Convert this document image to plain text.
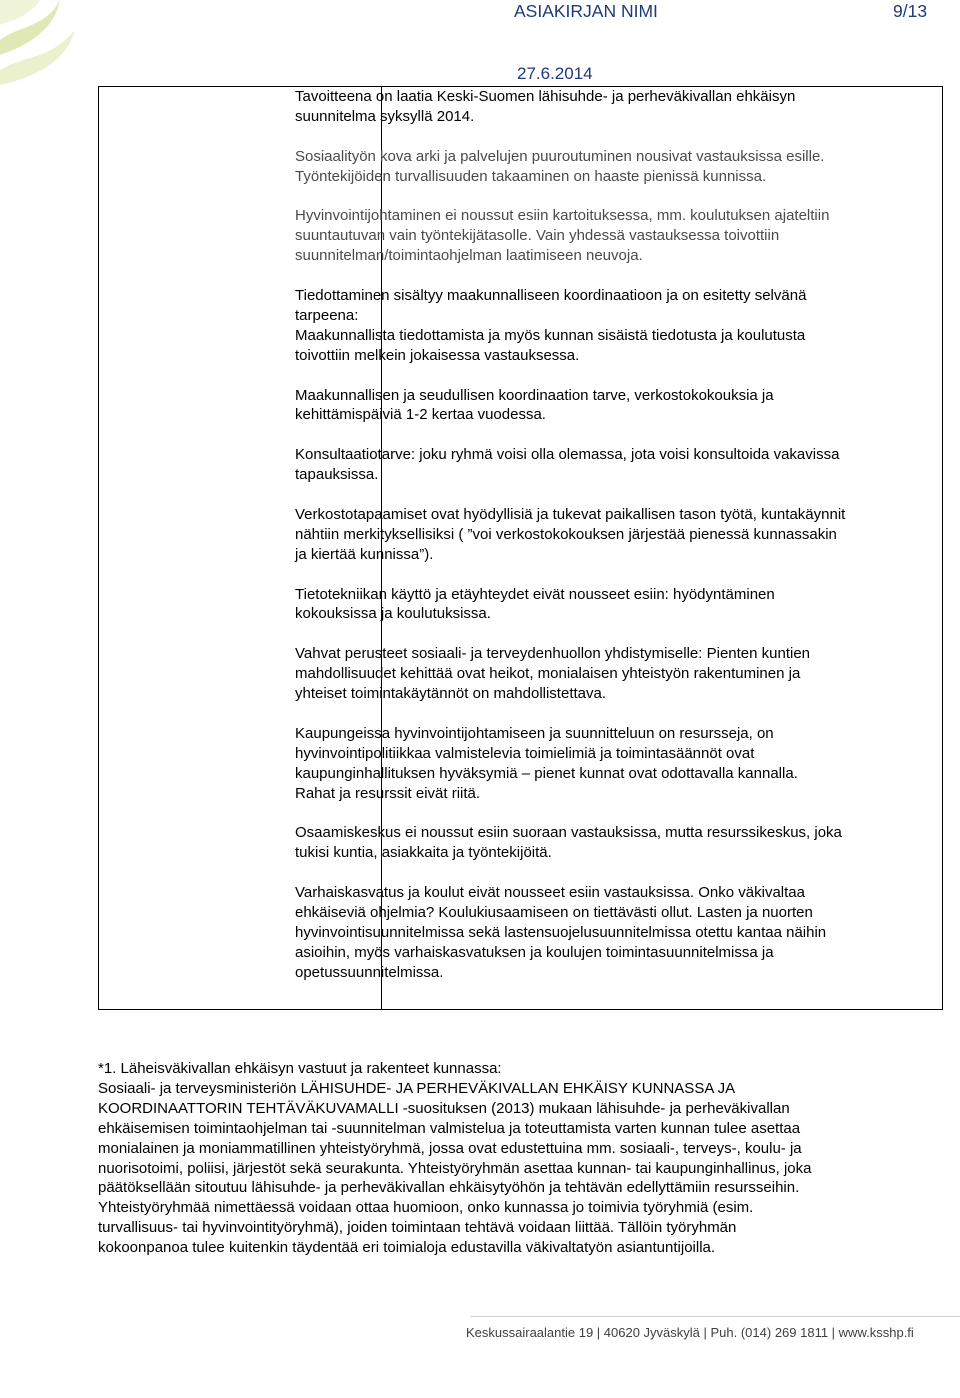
ASIAKIRJAN NIMI	9/13
27.6.2014

Tavoitteena on laatia Keski-Suomen lähisuhde- ja perheväkivallan ehkäisyn
suunnitelma syksyllä 2014.

Sosiaalityön kova arki ja palvelujen puuroutuminen nousivat vastauksissa esille.
Työntekijöiden turvallisuuden takaaminen on haaste pienissä kunnissa.

Hyvinvointijohtaminen ei noussut esiin kartoituksessa, mm. koulutuksen ajateltiin
suuntautuvan vain työntekijätasolle. Vain yhdessä vastauksessa toivottiin
suunnitelman/toimintaohjelman laatimiseen neuvoja.

Tiedottaminen sisältyy maakunnalliseen koordinaatioon ja on esitetty selvänä
tarpeena:
Maakunnallista tiedottamista ja myös kunnan sisäistä tiedotusta ja koulutusta
toivottiin melkein jokaisessa vastauksessa.

Maakunnallisen ja seudullisen koordinaation tarve, verkostokokouksia ja
kehittämispäiviä 1-2 kertaa vuodessa.

Konsultaatiotarve: joku ryhmä voisi olla olemassa, jota voisi konsultoida vakavissa
tapauksissa.

Verkostotapaamiset ovat hyödyllisiä ja tukevat paikallisen tason työtä, kuntakäynnit
nähtiin merkityksellisiksi ( ”voi verkostokokouksen järjestää pienessä kunnassakin
ja kiertää kunnissa”).

Tietotekniikan käyttö ja etäyhteydet eivät nousseet esiin: hyödyntäminen
kokouksissa ja koulutuksissa.

Vahvat perusteet sosiaali- ja terveydenhuollon yhdistymiselle: Pienten kuntien
mahdollisuudet kehittää ovat heikot, monialaisen yhteistyön rakentuminen ja
yhteiset toimintakäytännöt on mahdollistettava.

Kaupungeissa hyvinvointijohtamiseen ja suunnitteluun on resursseja, on
hyvinvointipolitiikkaa valmistelevia toimielimiä ja toimintasäännöt ovat
kaupunginhallituksen hyväksymiä – pienet kunnat ovat odottavalla kannalla.
Rahat ja resurssit eivät riitä.

Osaamiskeskus ei noussut esiin suoraan vastauksissa, mutta resurssikeskus, joka
tukisi kuntia, asiakkaita ja työntekijöitä.

Varhaiskasvatus ja koulut eivät nousseet esiin vastauksissa. Onko väkivaltaa
ehkäiseviä ohjelmia? Koulukiusaamiseen on tiettävästi ollut. Lasten ja nuorten
hyvinvointisuunnitelmissa sekä lastensuojelusuunnitelmissa otettu kantaa näihin
asioihin, myös varhaiskasvatuksen ja koulujen toimintasuunnitelmissa ja
opetussuunnitelmissa.

*1. Läheisväkivallan ehkäisyn vastuut ja rakenteet kunnassa:
Sosiaali- ja terveysministeriön LÄHISUHDE- JA PERHEVÄKIVALLAN EHKÄISY KUNNASSA JA
KOORDINAATTORIN TEHTÄVÄKUVAMALLI -suosituksen (2013) mukaan lähisuhde- ja perheväkivallan
ehkäisemisen toimintaohjelman tai -suunnitelman valmistelua ja toteuttamista varten kunnan tulee asettaa
monialainen ja moniammatillinen yhteistyöryhmä, jossa ovat edustettuina mm. sosiaali-, terveys-, koulu- ja
nuorisotoimi, poliisi, järjestöt sekä seurakunta. Yhteistyöryhmän asettaa kunnan- tai kaupunginhallinus, joka
päätöksellään sitoutuu lähisuhde- ja perheväkivallan ehkäisytyöhön ja tehtävän edellyttämiin resursseihin.
Yhteistyöryhmää nimettäessä voidaan ottaa huomioon, onko kunnassa jo toimivia työryhmiä (esim.
turvallisuus- tai hyvinvointityöryhmä), joiden toimintaan tehtävä voidaan liittää. Tällöin työryhmän
kokoonpanoa tulee kuitenkin täydentää eri toimialoja edustavilla väkivaltatyön asiantuntijoilla.

Keskussairaalantie 19 | 40620 Jyväskylä | Puh. (014) 269 1811 | www.ksshp.fi
